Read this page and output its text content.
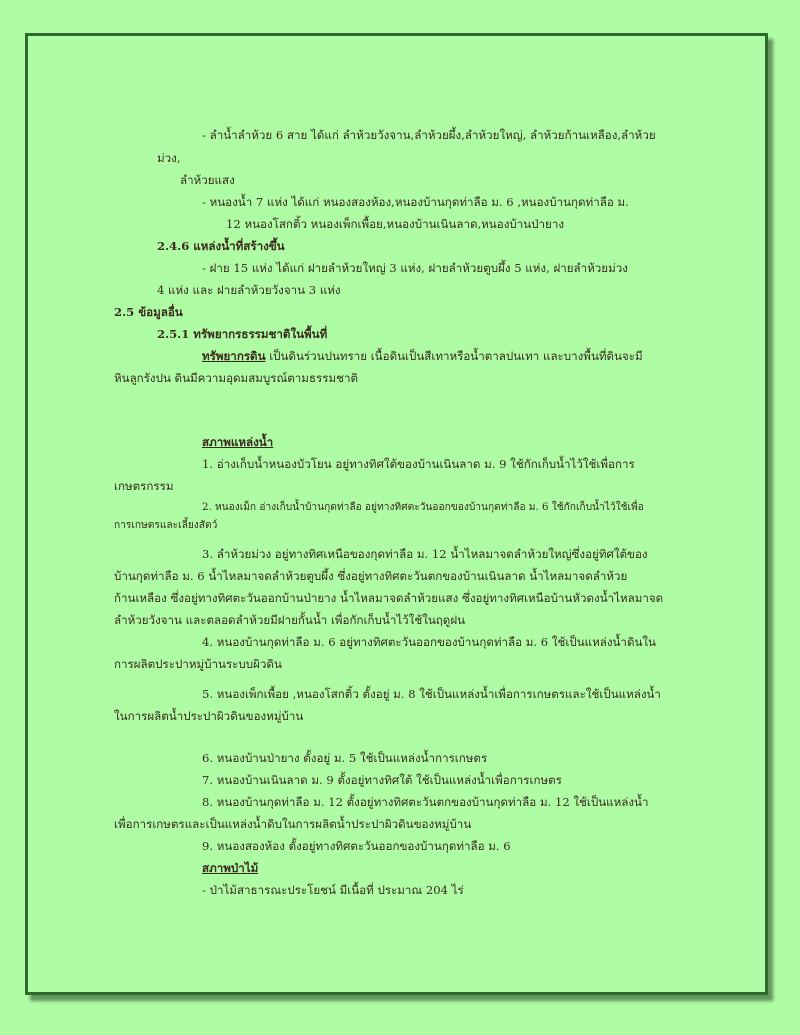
- ลำน้ำลำห้วย 6 สาย ได้แก่ ลำห้วยวังจาน,ลำห้วยผึ้ง,ลำห้วยใหญ่, ลำห้วยก้านเหลือง,ลำห้วย
ม่วง,
ลำห้วยแสง
- หนองน้ำ 7 แห่ง ได้แก่ หนองสองห้อง,หนองบ้านกุดท่าลือ ม. 6 ,หนองบ้านกุดท่าลือ ม.
12 หนองโสกติ้ว หนองเพ็กเพื้อย,หนองบ้านเนินลาด,หนองบ้านป่ายาง
2.4.6 แหล่งน้ำที่สร้างขึ้น
- ฝาย 15 แห่ง ได้แก่ ฝายลำห้วยใหญ่ 3 แห่ง, ฝายลำห้วยตูบผึ้ง 5 แห่ง, ฝายลำห้วยม่วง
4 แห่ง และ ฝายลำห้วยวังจาน 3 แห่ง
2.5 ข้อมูลอื่น
2.5.1 ทรัพยากรธรรมชาติในพื้นที่
ทรัพยากรดิน เป็นดินร่วนปนทราย เนื้อดินเป็นสีเทาหรือน้ำตาลปนเทา และบางพื้นที่ดินจะมี
หินลูกรังปน ดินมีความอุดมสมบูรณ์ตามธรรมชาติ
สภาพแหล่งน้ำ
1. อ่างเก็บน้ำหนองบัวโยน อยู่ทางทิศใต้ของบ้านเนินลาด ม. 9 ใช้กักเก็บน้ำไว้ใช้เพื่อการ
เกษตรกรรม
2. หนองเม็ก อ่างเก็บน้ำบ้านกุดท่าลือ อยู่ทางทิศตะวันออกของบ้านกุดท่าลือ ม. 6 ใช้กักเก็บน้ำไว้ใช้เพื่อ
การเกษตรและเลี้ยงสัตว์
3. ลำห้วยม่วง อยู่ทางทิศเหนือของกุดท่าลือ ม. 12 น้ำไหลมาจดลำห้วยใหญ่ซึ่งอยู่ทิศใต้ของ
บ้านกุดท่าลือ ม. 6 น้ำไหลมาจดลำห้วยตูบผึ้ง ซึ่งอยู่ทางทิศตะวันตกของบ้านเนินลาด น้ำไหลมาจดลำห้วย
ก้านเหลือง ซึ่งอยู่ทางทิศตะวันออกบ้านป่ายาง น้ำไหลมาจดลำห้วยแสง ซึ่งอยู่ทางทิศเหนือบ้านหัวดงน้ำไหลมาจด
ลำห้วยวังจาน และตลอดลำห้วยมีฝายกั้นน้ำ เพื่อกักเก็บน้ำไว้ใช้ในฤดูฝน
4. หนองบ้านกุดท่าลือ ม. 6 อยู่ทางทิศตะวันออกของบ้านกุดท่าลือ ม. 6 ใช้เป็นแหล่งน้ำดินใน
การผลิตประปาหมู่บ้านระบบผิวดิน
5. หนองเพ็กเพื้อย ,หนองโสกติ้ว ตั้งอยู่ ม. 8 ใช้เป็นแหล่งน้ำเพื่อการเกษตรและใช้เป็นแหล่งน้ำ
ในการผลิตน้ำประปาผิวดินของหมู่บ้าน
6. หนองบ้านป่ายาง ตั้งอยู่ ม. 5 ใช้เป็นแหล่งน้ำการเกษตร
7. หนองบ้านเนินลาด ม. 9 ตั้งอยู่ทางทิศใต้ ใช้เป็นแหล่งน้ำเพื่อการเกษตร
8. หนองบ้านกุดท่าลือ ม. 12 ตั้งอยู่ทางทิศตะวันตกของบ้านกุดท่าลือ ม. 12 ใช้เป็นแหล่งน้ำ
เพื่อการเกษตรและเป็นแหล่งน้ำดิบในการผลิตน้ำประปาผิวดินของหมู่บ้าน
9. หนองสองห้อง ตั้งอยู่ทางทิศตะวันออกของบ้านกุดท่าลือ ม. 6
สภาพป่าไม้
- ป่าไม้สาธารณะประโยชน์ มีเนื้อที่ ประมาณ 204 ไร่
